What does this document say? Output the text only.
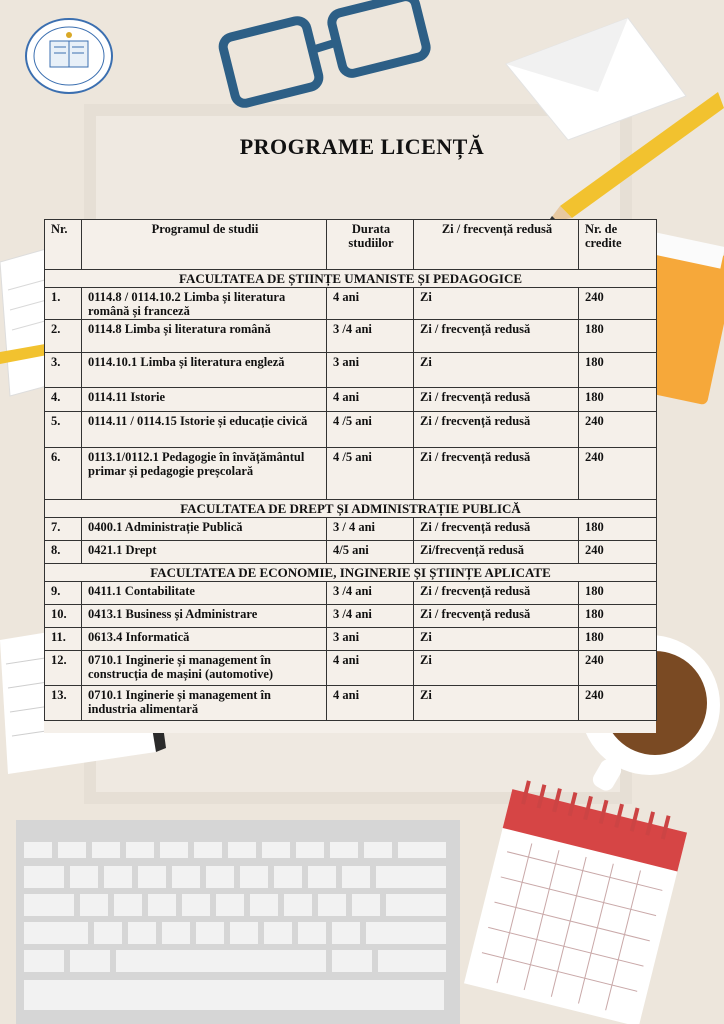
PROGRAME LICENȚĂ
Nr.	Programul de studii	Durata studiilor	Zi / frecvență redusă	Nr. de credite
FACULTATEA DE ȘTIINȚE UMANISTE ȘI PEDAGOGICE				
1.	0114.8 / 0114.10.2 Limba și literatura română și franceză	4 ani	Zi	240
2.	0114.8 Limba și literatura română	3 /4 ani	Zi / frecvență redusă	180
3.	0114.10.1 Limba și literatura engleză	3 ani	Zi	180
4.	0114.11 Istorie	4 ani	Zi / frecvență redusă	180
5.	0114.11 / 0114.15 Istorie și educație civică	4 /5 ani	Zi / frecvență redusă	240
6.	0113.1/0112.1 Pedagogie în învățământul primar și pedagogie preșcolară	4 /5 ani	Zi / frecvență redusă	240
FACULTATEA DE DREPT ȘI ADMINISTRAȚIE PUBLICĂ				
7.	0400.1 Administrație Publică	3 / 4 ani	Zi / frecvență redusă	180
8.	0421.1 Drept	4/5 ani	Zi/frecvență redusă	240
FACULTATEA DE ECONOMIE, INGINERIE ȘI ȘTIINȚE APLICATE				
9.	0411.1 Contabilitate	3 /4 ani	Zi / frecvență redusă	180
10.	0413.1 Business și Administrare	3 /4 ani	Zi / frecvență redusă	180
11.	0613.4 Informatică	3 ani	Zi	180
12.	0710.1 Inginerie și management în construcția de mașini (automotive)	4 ani	Zi	240
13.	0710.1 Inginerie și management în industria alimentară	4 ani	Zi	240
